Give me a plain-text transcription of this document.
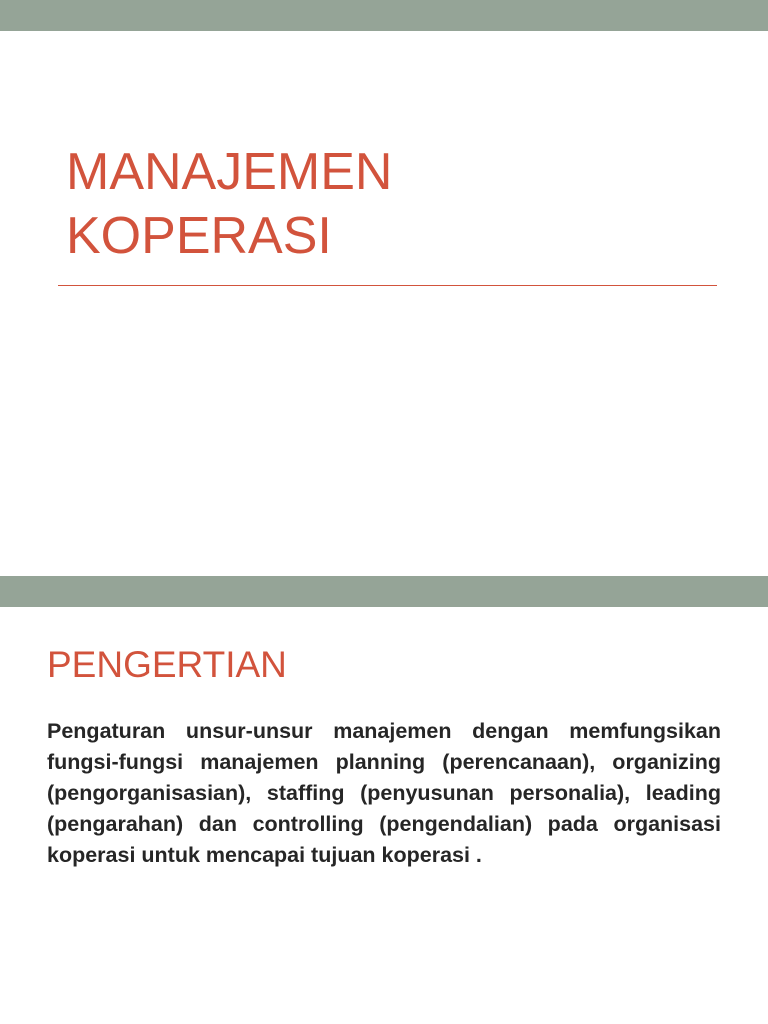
MANAJEMEN
KOPERASI
PENGERTIAN

Pengaturan unsur-unsur manajemen dengan memfungsikan fungsi-fungsi manajemen planning (perencanaan), organizing (pengorganisasian), staffing (penyusunan personalia), leading (pengarahan) dan controlling (pengendalian) pada organisasi koperasi untuk mencapai tujuan koperasi .
